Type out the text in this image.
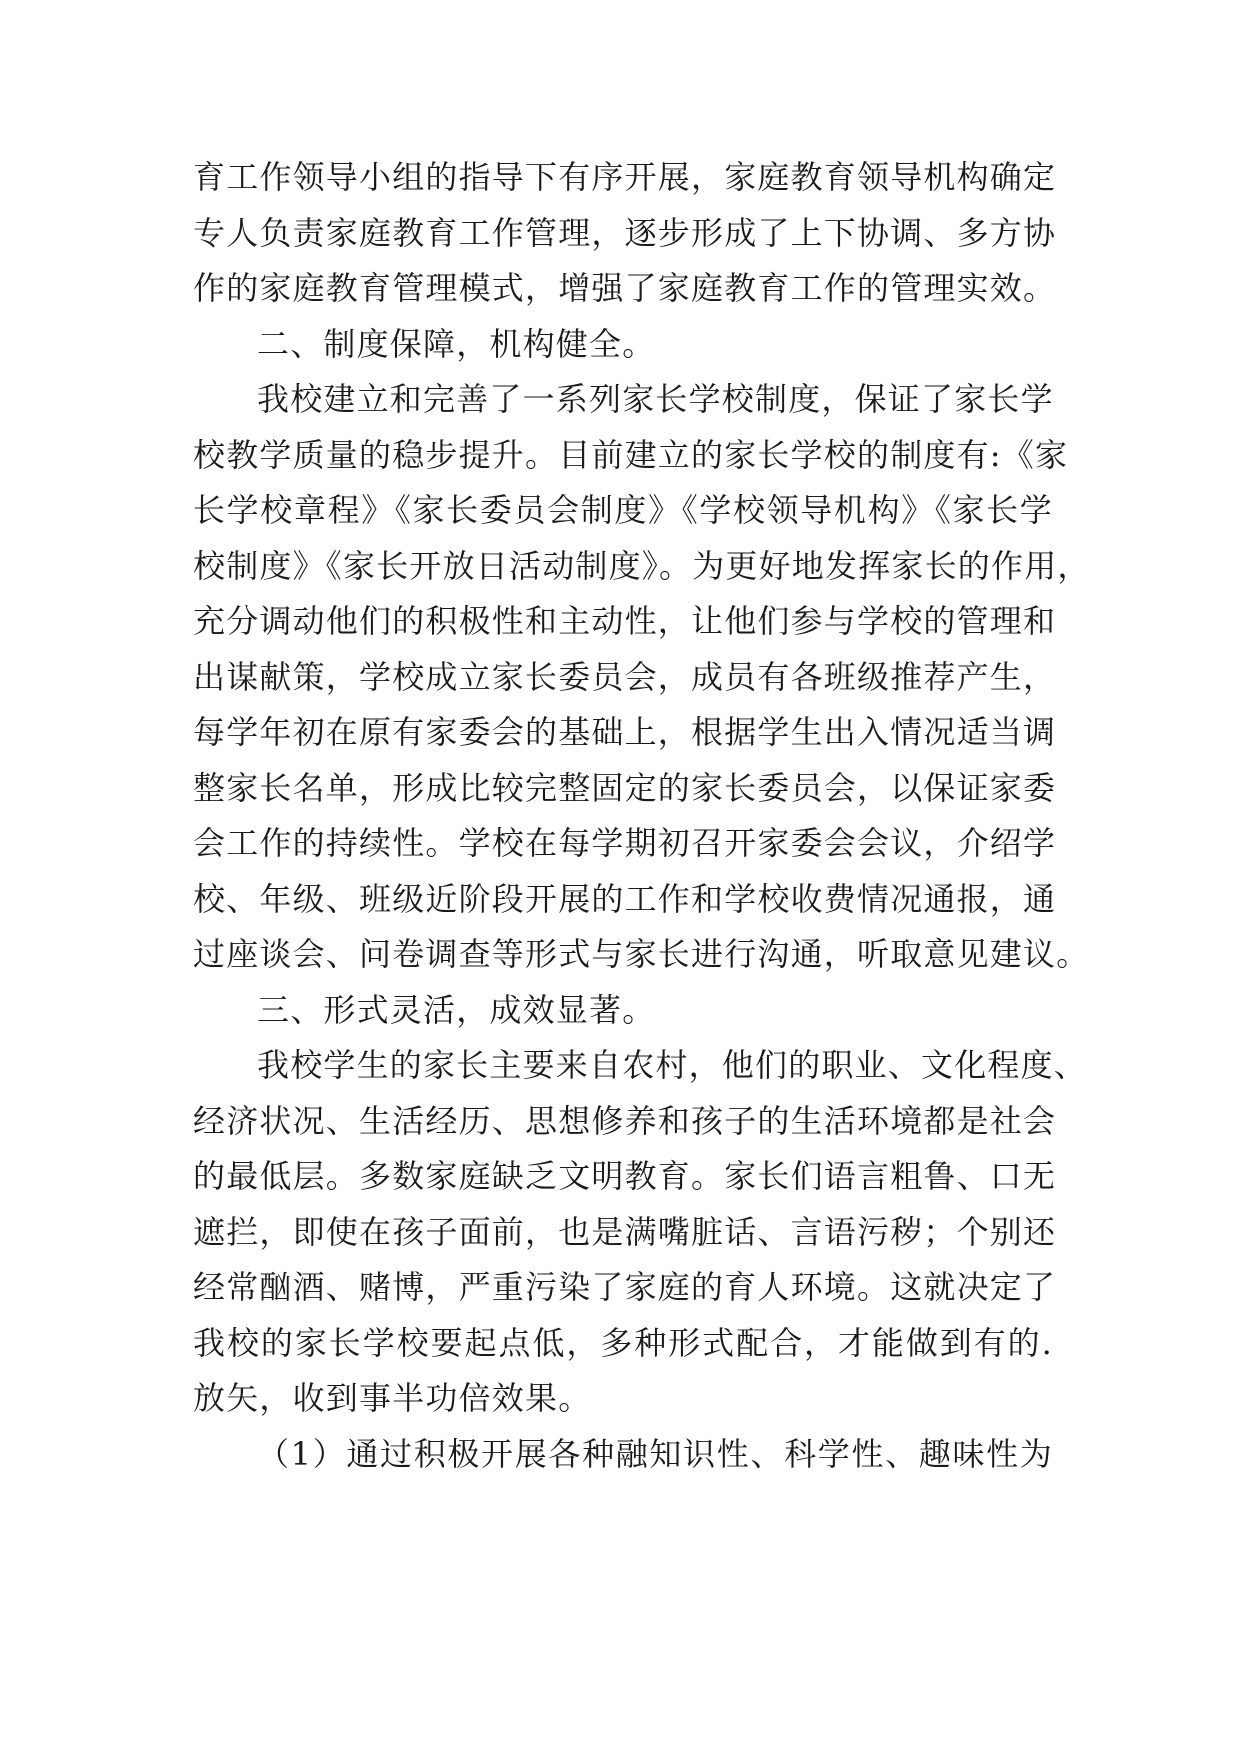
育工作领导小组的指导下有序开展，家庭教育领导机构确定
专人负责家庭教育工作管理，逐步形成了上下协调、多方协
作的家庭教育管理模式，增强了家庭教育工作的管理实效。
二、制度保障，机构健全。
我校建立和完善了一系列家长学校制度，保证了家长学
校教学质量的稳步提升。目前建立的家长学校的制度有:《家
长学校章程》《家长委员会制度》《学校领导机构》《家长学
校制度》《家长开放日活动制度》。为更好地发挥家长的作用，
充分调动他们的积极性和主动性，让他们参与学校的管理和
出谋献策，学校成立家长委员会，成员有各班级推荐产生，
每学年初在原有家委会的基础上，根据学生出入情况适当调
整家长名单，形成比较完整固定的家长委员会，以保证家委
会工作的持续性。学校在每学期初召开家委会会议，介绍学
校、年级、班级近阶段开展的工作和学校收费情况通报，通
过座谈会、问卷调查等形式与家长进行沟通，听取意见建议。
三、形式灵活，成效显著。
我校学生的家长主要来自农村，他们的职业、文化程度、
经济状况、生活经历、思想修养和孩子的生活环境都是社会
的最低层。多数家庭缺乏文明教育。家长们语言粗鲁、口无
遮拦，即使在孩子面前，也是满嘴脏话、言语污秽；个别还
经常酗酒、赌博，严重污染了家庭的育人环境。这就决定了
我校的家长学校要起点低，多种形式配合，才能做到有的.
放矢，收到事半功倍效果。
（1）通过积极开展各种融知识性、科学性、趣味性为
